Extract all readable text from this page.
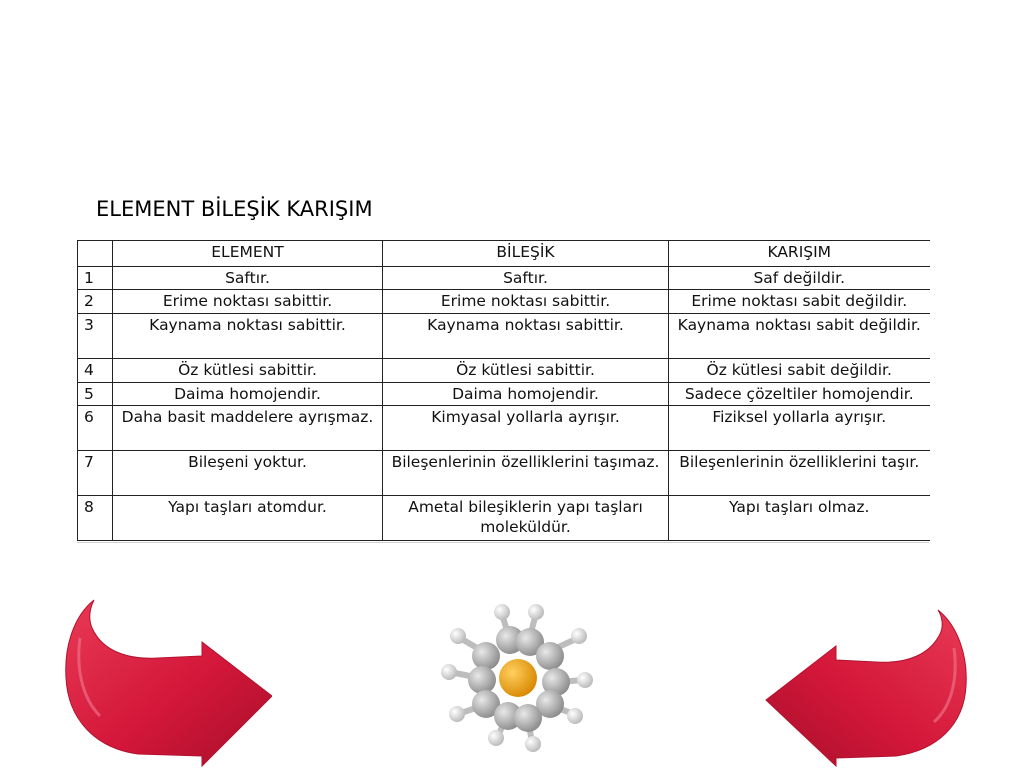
ELEMENT BİLEŞİK KARIŞIM
	ELEMENT	BİLEŞİK	KARIŞIM
1	Saftır.	Saftır.	Saf değildir.
2	Erime noktası sabittir.	Erime noktası sabittir.	Erime noktası sabit değildir.
3	Kaynama noktası sabittir.	Kaynama noktası sabittir.	Kaynama noktası sabit değildir.
4	Öz kütlesi sabittir.	Öz kütlesi sabittir.	Öz kütlesi sabit değildir.
5	Daima homojendir.	Daima homojendir.	Sadece çözeltiler homojendir.
6	Daha basit maddelere ayrışmaz.	Kimyasal yollarla ayrışır.	Fiziksel yollarla ayrışır.
7	Bileşeni yoktur.	Bileşenlerinin özelliklerini taşımaz.	Bileşenlerinin özelliklerini taşır.
8	Yapı taşları atomdur.	Ametal bileşiklerin yapı taşları moleküldür.	Yapı taşları olmaz.
